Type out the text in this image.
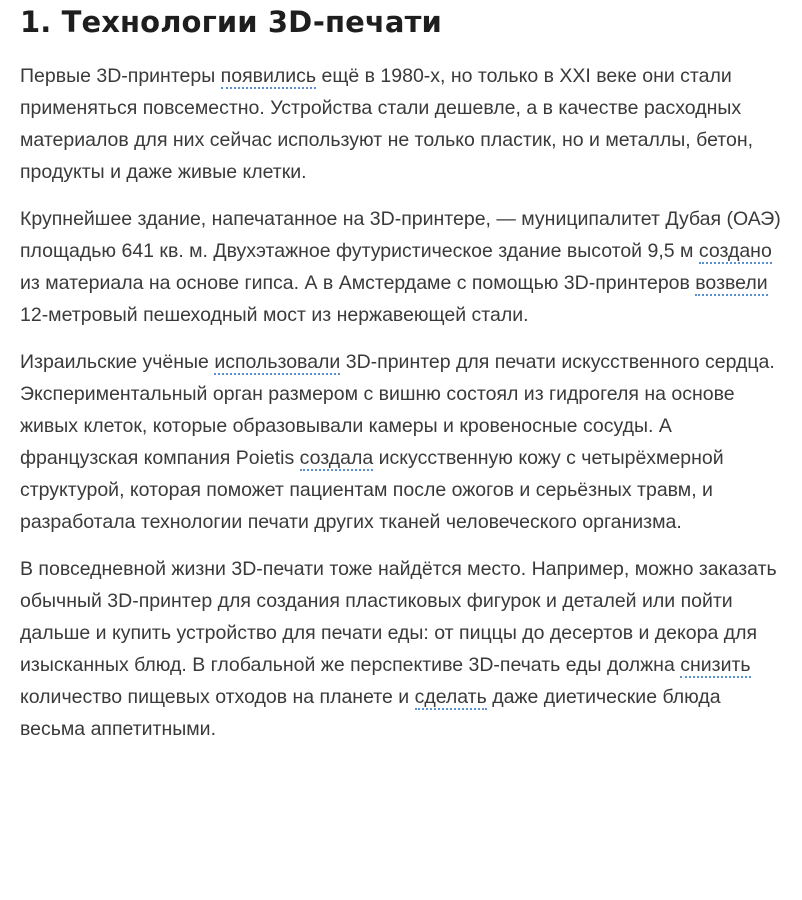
1. Технологии 3D-печати

Первые 3D-принтеры появились ещё в 1980-х, но только в XXI веке они стали применяться повсеместно. Устройства стали дешевле, а в качестве расходных материалов для них сейчас используют не только пластик, но и металлы, бетон, продукты и даже живые клетки.

Крупнейшее здание, напечатанное на 3D-принтере, — муниципалитет Дубая (ОАЭ) площадью 641 кв. м. Двухэтажное футуристическое здание высотой 9,5 м создано из материала на основе гипса. А в Амстердаме с помощью 3D-принтеров возвели 12-метровый пешеходный мост из нержавеющей стали.

Израильские учёные использовали 3D-принтер для печати искусственного сердца. Экспериментальный орган размером с вишню состоял из гидрогеля на основе живых клеток, которые образовывали камеры и кровеносные сосуды. А французская компания Poietis создала искусственную кожу с четырёхмерной структурой, которая поможет пациентам после ожогов и серьёзных травм, и разработала технологии печати других тканей человеческого организма.

В повседневной жизни 3D-печати тоже найдётся место. Например, можно заказать обычный 3D-принтер для создания пластиковых фигурок и деталей или пойти дальше и купить устройство для печати еды: от пиццы до десертов и декора для изысканных блюд. В глобальной же перспективе 3D-печать еды должна снизить количество пищевых отходов на планете и сделать даже диетические блюда весьма аппетитными.
